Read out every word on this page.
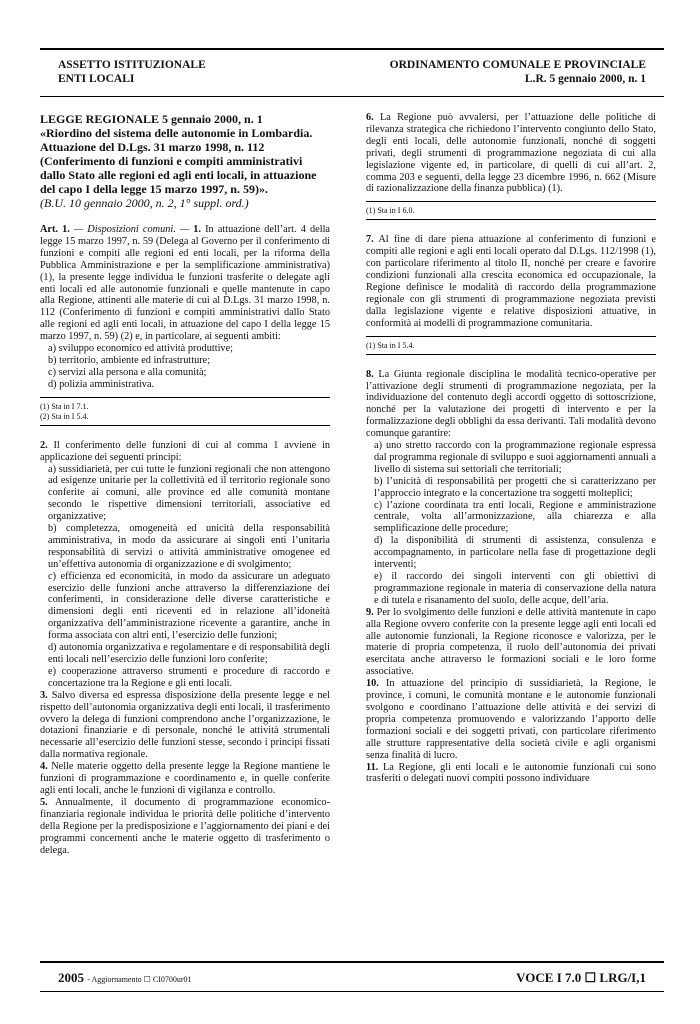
ASSETTO ISTITUZIONALE
ENTI LOCALI
ORDINAMENTO COMUNALE E PROVINCIALE
L.R. 5 gennaio 2000, n. 1
LEGGE REGIONALE 5 gennaio 2000, n. 1
«Riordino del sistema delle autonomie in Lombardia. Attuazione del D.Lgs. 31 marzo 1998, n. 112 (Conferimento di funzioni e compiti amministrativi dallo Stato alle regioni ed agli enti locali, in attuazione del capo I della legge 15 marzo 1997, n. 59)».
(B.U. 10 gennaio 2000, n. 2, 1° suppl. ord.)

Art. 1. — Disposizioni comuni. — 1. In attuazione dell’art. 4 della legge 15 marzo 1997, n. 59 (Delega al Governo per il conferimento di funzioni e compiti alle regioni ed enti locali, per la riforma della Pubblica Amministrazione e per la semplificazione amministrativa) (1), la presente legge individua le funzioni trasferite o delegate agli enti locali ed alle autonomie funzionali e quelle mantenute in capo alla Regione, attinenti alle materie di cui al D.Lgs. 31 marzo 1998, n. 112 (Conferimento di funzioni e compiti amministrativi dallo Stato alle regioni ed agli enti locali, in attuazione del capo I della legge 15 marzo 1997, n. 59) (2) e, in particolare, ai seguenti ambiti:

a) sviluppo economico ed attività produttive;

b) territorio, ambiente ed infrastrutture;

c) servizi alla persona e alla comunità;

d) polizia amministrativa.

(1) Sta in I 7.1.
(2) Sta in I 5.4.

2. Il conferimento delle funzioni di cui al comma 1 avviene in applicazione dei seguenti principi:

a) sussidiarietà, per cui tutte le funzioni regionali che non attengono ad esigenze unitarie per la collettività ed il territorio regionale sono conferite ai comuni, alle province ed alle comunità montane secondo le rispettive dimensioni territoriali, associative ed organizzative;

b) completezza, omogeneità ed unicità della responsabilità amministrativa, in modo da assicurare ai singoli enti l’unitaria responsabilità di servizi o attività amministrative omogenee ed un’effettiva autonomia di organizzazione e di svolgimento;

c) efficienza ed economicità, in modo da assicurare un adeguato esercizio delle funzioni anche attraverso la differenziazione dei conferimenti, in considerazione delle diverse caratteristiche e dimensioni degli enti riceventi ed in relazione all’idoneità organizzativa dell’amministrazione ricevente a garantire, anche in forma associata con altri enti, l’esercizio delle funzioni;

d) autonomia organizzativa e regolamentare e di responsabilità degli enti locali nell’esercizio delle funzioni loro conferite;

e) cooperazione attraverso strumenti e procedure di raccordo e concertazione tra la Regione e gli enti locali.

3. Salvo diversa ed espressa disposizione della presente legge e nel rispetto dell’autonomia organizzativa degli enti locali, il trasferimento ovvero la delega di funzioni comprendono anche l’organizzazione, le dotazioni finanziarie e di personale, nonché le attività strumentali necessarie all’esercizio delle funzioni stesse, secondo i principi fissati dalla normativa regionale.

4. Nelle materie oggetto della presente legge la Regione mantiene le funzioni di programmazione e coordinamento e, in quelle conferite agli enti locali, anche le funzioni di vigilanza e controllo.

5. Annualmente, il documento di programmazione economico-finanziaria regionale individua le priorità delle politiche d’intervento della Regione per la predisposizione e l’aggiornamento dei piani e dei programmi concernenti anche le materie oggetto di trasferimento o delega.

6. La Regione può avvalersi, per l’attuazione delle politiche di rilevanza strategica che richiedono l’intervento congiunto dello Stato, degli enti locali, delle autonomie funzionali, nonché di soggetti privati, degli strumenti di programmazione negoziata di cui alla legislazione vigente ed, in particolare, di quelli di cui all’art. 2, comma 203 e seguenti, della legge 23 dicembre 1996, n. 662 (Misure di razionalizzazione della finanza pubblica) (1).

(1) Sta in I 6.0.

7. Al fine di dare piena attuazione al conferimento di funzioni e compiti alle regioni e agli enti locali operato dal D.Lgs. 112/1998 (1), con particolare riferimento al titolo II, nonché per creare e favorire condizioni funzionali alla crescita economica ed occupazionale, la Regione definisce le modalità di raccordo della programmazione regionale con gli strumenti di programmazione negoziata previsti dalla legislazione vigente e relative disposizioni attuative, in conformità ai modelli di programmazione comunitaria.

(1) Sta in I 5.4.

8. La Giunta regionale disciplina le modalità tecnico-operative per l’attivazione degli strumenti di programmazione negoziata, per la individuazione del contenuto degli accordi oggetto di sottoscrizione, nonché per la valutazione dei progetti di intervento e per la formalizzazione degli obblighi da essa derivanti. Tali modalità devono comunque garantire:

a) uno stretto raccordo con la programmazione regionale espressa dal programma regionale di sviluppo e suoi aggiornamenti annuali a livello di sistema sui settoriali che territoriali;

b) l’unicità di responsabilità per progetti che si caratterizzano per l’approccio integrato e la concertazione tra soggetti molteplici;

c) l’azione coordinata tra enti locali, Regione e amministrazione centrale, volta all’armonizzazione, alla chiarezza e alla semplificazione delle procedure;

d) la disponibilità di strumenti di assistenza, consulenza e accompagnamento, in particolare nella fase di progettazione degli interventi;

e) il raccordo dei singoli interventi con gli obiettivi di programmazione regionale in materia di conservazione della natura e di tutela e risanamento del suolo, delle acque, dell’aria.

9. Per lo svolgimento delle funzioni e delle attività mantenute in capo alla Regione ovvero conferite con la presente legge agli enti locali ed alle autonomie funzionali, la Regione riconosce e valorizza, per le materie di propria competenza, il ruolo dell’autonomia dei privati esercitata anche attraverso le formazioni sociali e le loro forme associative.

10. In attuazione del principio di sussidiarietà, la Regione, le province, i comuni, le comunità montane e le autonomie funzionali svolgono e coordinano l’attuazione delle attività e dei servizi di propria competenza promuovendo e valorizzando l’apporto delle formazioni sociali e dei soggetti privati, con particolare riferimento alle strutture rappresentative della società civile e agli organismi senza finalità di lucro.

11. La Regione, gli enti locali e le autonomie funzionali cui sono trasferiti o delegati nuovi compiti possono individuare

2005 - Aggiornamento ☐ CI0700ur01	VOCE I 7.0 ☐ LRG/I,1
